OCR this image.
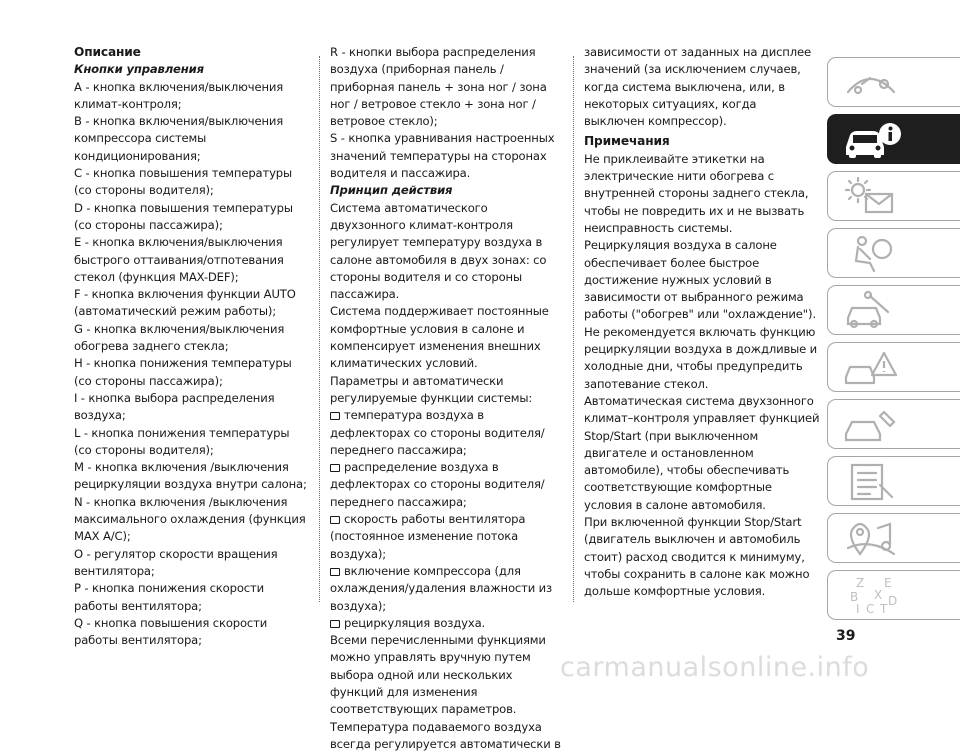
Описание

Кнопки управления

A - кнопка включения/выключения климат-контроля;

B - кнопка включения/выключения компрессора системы кондиционирования;

C - кнопка повышения температуры (со стороны водителя);

D - кнопка повышения температуры (со стороны пассажира);

E - кнопка включения/выключения быстрого оттаивания/отпотевания стекол (функция MAX-DEF);

F - кнопка включения функции AUTO (автоматический режим работы);

G - кнопка включения/выключения обогрева заднего стекла;

H - кнопка понижения температуры (со стороны пассажира);

I - кнопка выбора распределения воздуха;

L - кнопка понижения температуры (со стороны водителя);

M - кнопка включения /выключения рециркуляции воздуха внутри салона;

N - кнопка включения /выключения максимального охлаждения (функция MAX A/C);

O - регулятор скорости вращения вентилятора;

P - кнопка понижения скорости работы вентилятора;

Q - кнопка повышения скорости работы вентилятора;

R - кнопки выбора распределения воздуха (приборная панель / приборная панель + зона ног / зона ног / ветровое стекло + зона ног / ветровое стекло);

S - кнопка уравнивания настроенных значений температуры на сторонах водителя и пассажира.

Принцип действия

Система автоматического двухзонного климат-контроля регулирует температуру воздуха в салоне автомобиля в двух зонах: со стороны водителя и со стороны пассажира.

Система поддерживает постоянные комфортные условия в салоне и компенсирует изменения внешних климатических условий.

Параметры и автоматически регулируемые функции системы:

температура воздуха в дефлекторах со стороны водителя/переднего пассажира;

распределение воздуха в дефлекторах со стороны водителя/переднего пассажира;

скорость работы вентилятора (постоянное изменение потока воздуха);

включение компрессора (для охлаждения/удаления влажности из воздуха);

рециркуляция воздуха.

Всеми перечисленными функциями можно управлять вручную путем выбора одной или нескольких функций для изменения соответствующих параметров.

Температура подаваемого воздуха всегда регулируется автоматически в

зависимости от заданных на дисплее значений (за исключением случаев, когда система выключена, или, в некоторых ситуациях, когда выключен компрессор).

Примечания

Не приклеивайте этикетки на электрические нити обогрева с внутренней стороны заднего стекла, чтобы не повредить их и не вызвать неисправность системы.

Рециркуляция воздуха в салоне обеспечивает более быстрое достижение нужных условий в зависимости от выбранного режима работы ("обогрев" или "охлаждение"). Не рекомендуется включать функцию рециркуляции воздуха в дождливые и холодные дни, чтобы предупредить запотевание стекол.

Автоматическая система двухзонного климат–контроля управляет функцией Stop/Start (при выключенном двигателе и остановленном автомобиле), чтобы обеспечивать соответствующие комфортные условия в салоне автомобиля.

При включенной функции Stop/Start (двигатель выключен и автомобиль стоит) расход сводится к минимуму, чтобы сохранить в салоне как можно дольше комфортные условия.

Z E
B X D
C
I T
39
carmanualsonline.info
